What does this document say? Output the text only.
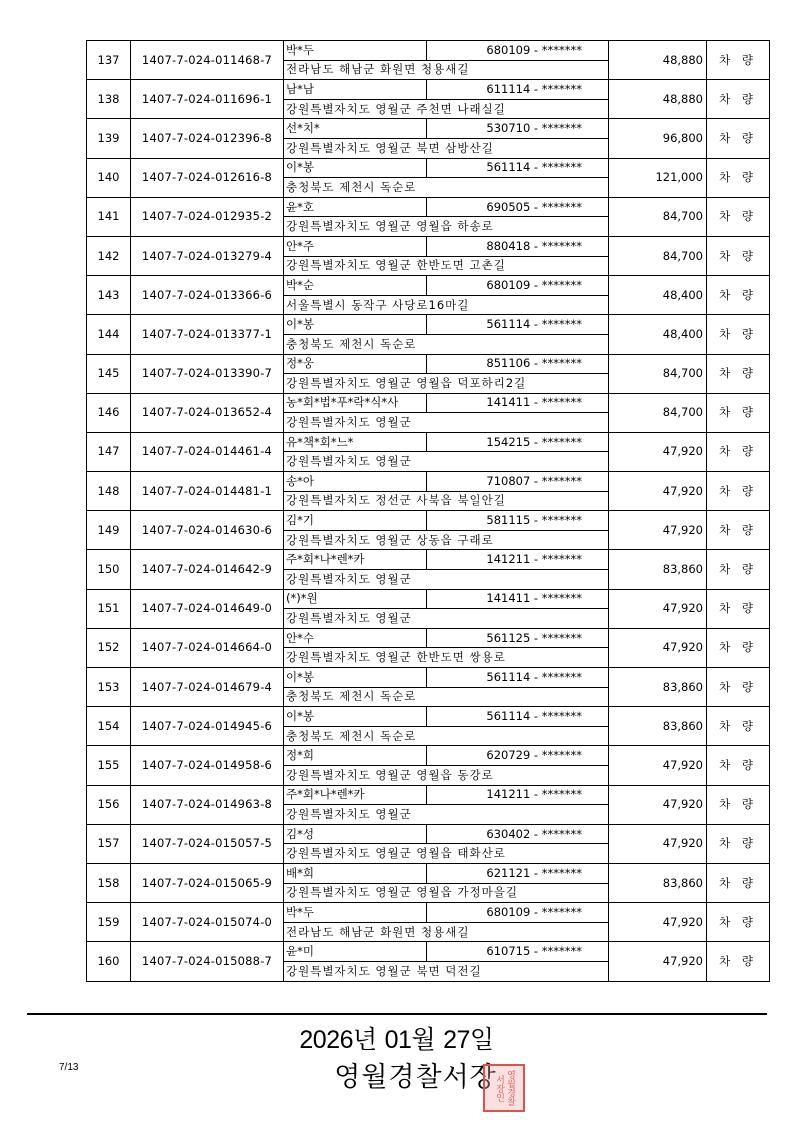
137	1407-7-024-011468-7	박*두	680109 - *******	48,880	차 량
		전라남도 해남군 화원면 청용새길			
138	1407-7-024-011696-1	남*남	611114 - *******	48,880	차 량
		강원특별자치도 영월군 주천면 나래실길			
139	1407-7-024-012396-8	선*치*	530710 - *******	96,800	차 량
		강원특별자치도 영월군 북면 삼방산길			
140	1407-7-024-012616-8	이*봉	561114 - *******	121,000	차 량
		충청북도 제천시 독순로			
141	1407-7-024-012935-2	윤*호	690505 - *******	84,700	차 량
		강원특별자치도 영월군 영월읍 하송로			
142	1407-7-024-013279-4	안*주	880418 - *******	84,700	차 량
		강원특별자치도 영월군 한반도면 고촌길			
143	1407-7-024-013366-6	박*순	680109 - *******	48,400	차 량
		서울특별시 동작구 사당로16마길			
144	1407-7-024-013377-1	이*봉	561114 - *******	48,400	차 량
		충청북도 제천시 독순로			
145	1407-7-024-013390-7	정*웅	851106 - *******	84,700	차 량
		강원특별자치도 영월군 영월읍 덕포하리2길			
146	1407-7-024-013652-4	농*회*법*푸*락*식*사	141411 - *******	84,700	차 량
		강원특별자치도 영월군			
147	1407-7-024-014461-4	유*책*회*느*	154215 - *******	47,920	차 량
		강원특별자치도 영월군			
148	1407-7-024-014481-1	송*아	710807 - *******	47,920	차 량
		강원특별자치도 정선군 사북읍 북일안길			
149	1407-7-024-014630-6	김*기	581115 - *******	47,920	차 량
		강원특별자치도 영월군 상동읍 구래로			
150	1407-7-024-014642-9	주*회*나*렌*카	141211 - *******	83,860	차 량
		강원특별자치도 영월군			
151	1407-7-024-014649-0	(*)*원	141411 - *******	47,920	차 량
		강원특별자치도 영월군			
152	1407-7-024-014664-0	안*수	561125 - *******	47,920	차 량
		강원특별자치도 영월군 한반도면 쌍용로			
153	1407-7-024-014679-4	이*봉	561114 - *******	83,860	차 량
		충청북도 제천시 독순로			
154	1407-7-024-014945-6	이*봉	561114 - *******	83,860	차 량
		충청북도 제천시 독순로			
155	1407-7-024-014958-6	정*희	620729 - *******	47,920	차 량
		강원특별자치도 영월군 영월읍 동강로			
156	1407-7-024-014963-8	주*회*나*렌*카	141211 - *******	47,920	차 량
		강원특별자치도 영월군			
157	1407-7-024-015057-5	김*성	630402 - *******	47,920	차 량
		강원특별자치도 영월군 영월읍 태화산로			
158	1407-7-024-015065-9	배*희	621121 - *******	83,860	차 량
		강원특별자치도 영월군 영월읍 가정마을길			
159	1407-7-024-015074-0	박*두	680109 - *******	47,920	차 량
		전라남도 해남군 화원면 청용새길			
160	1407-7-024-015088-7	윤*미	610715 - *******	47,920	차 량
		강원특별자치도 영월군 북면 덕전길			
2026년 01월 27일
7/13	영월경찰서장 영월경찰서장인
